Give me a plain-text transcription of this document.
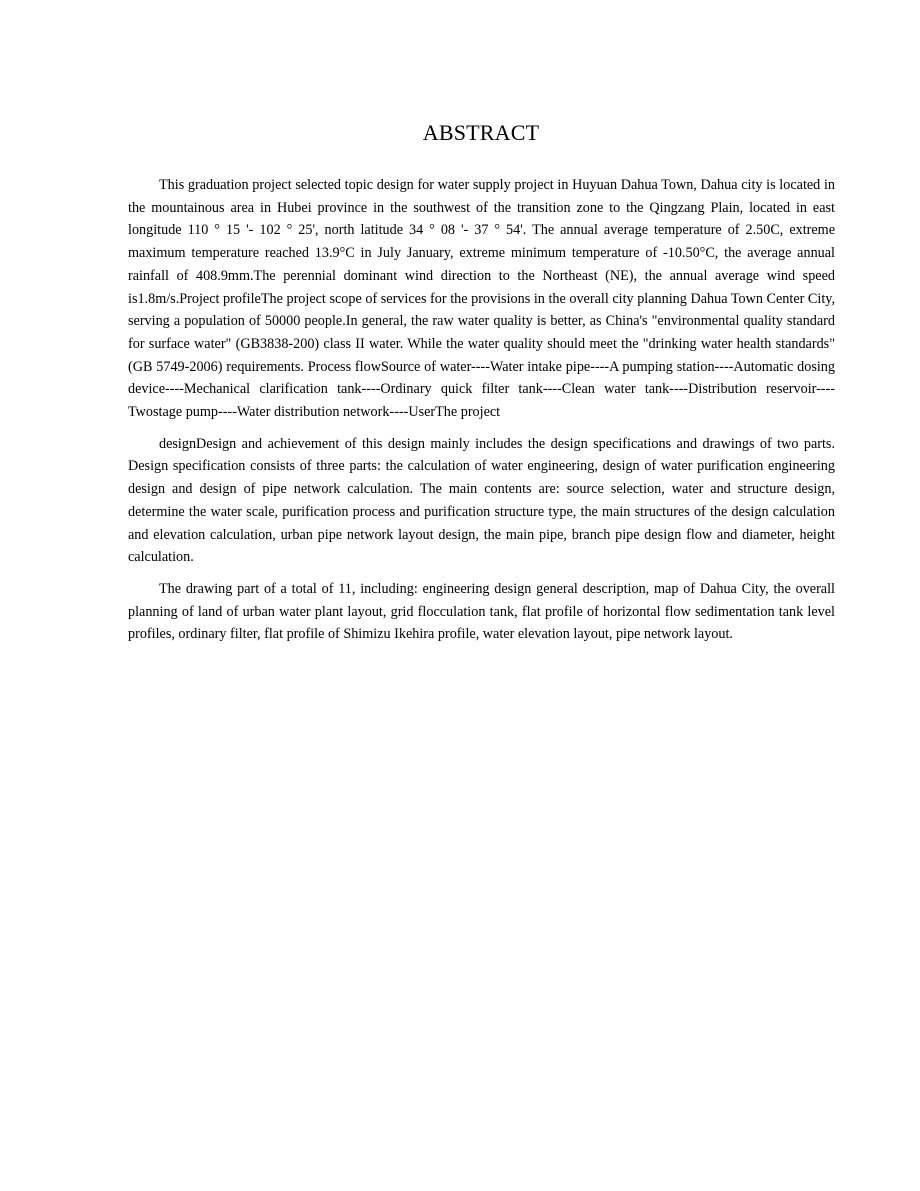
ABSTRACT

This graduation project selected topic design for water supply project in Huyuan Dahua Town, Dahua city is located in the mountainous area in Hubei province in the southwest of the transition zone to the Qingzang Plain, located in east longitude 110 ° 15 '- 102 ° 25', north latitude 34 ° 08 '- 37 ° 54'. The annual average temperature of 2.50C, extreme maximum temperature reached 13.9°C in July January, extreme minimum temperature of -10.50°C, the average annual rainfall of 408.9mm.The perennial dominant wind direction to the Northeast (NE), the annual average wind speed is1.8m/s.Project profileThe project scope of services for the provisions in the overall city planning Dahua Town Center City, serving a population of 50000 people.In general, the raw water quality is better, as China's "environmental quality standard for surface water" (GB3838-200) class II water. While the water quality should meet the "drinking water health standards" (GB 5749-2006) requirements. Process flowSource of water----Water intake pipe----A pumping station----Automatic dosing device----Mechanical clarification tank----Ordinary quick filter tank----Clean water tank----Distribution reservoir----Twostage pump----Water distribution network----UserThe project

designDesign and achievement of this design mainly includes the design specifications and drawings of two parts. Design specification consists of three parts: the calculation of water engineering, design of water purification engineering design and design of pipe network calculation. The main contents are: source selection, water and structure design, determine the water scale, purification process and purification structure type, the main structures of the design calculation and elevation calculation, urban pipe network layout design, the main pipe, branch pipe design flow and diameter, height calculation.

The drawing part of a total of 11, including: engineering design general description, map of Dahua City, the overall planning of land of urban water plant layout, grid flocculation tank, flat profile of horizontal flow sedimentation tank level profiles, ordinary filter, flat profile of Shimizu Ikehira profile, water elevation layout, pipe network layout.
